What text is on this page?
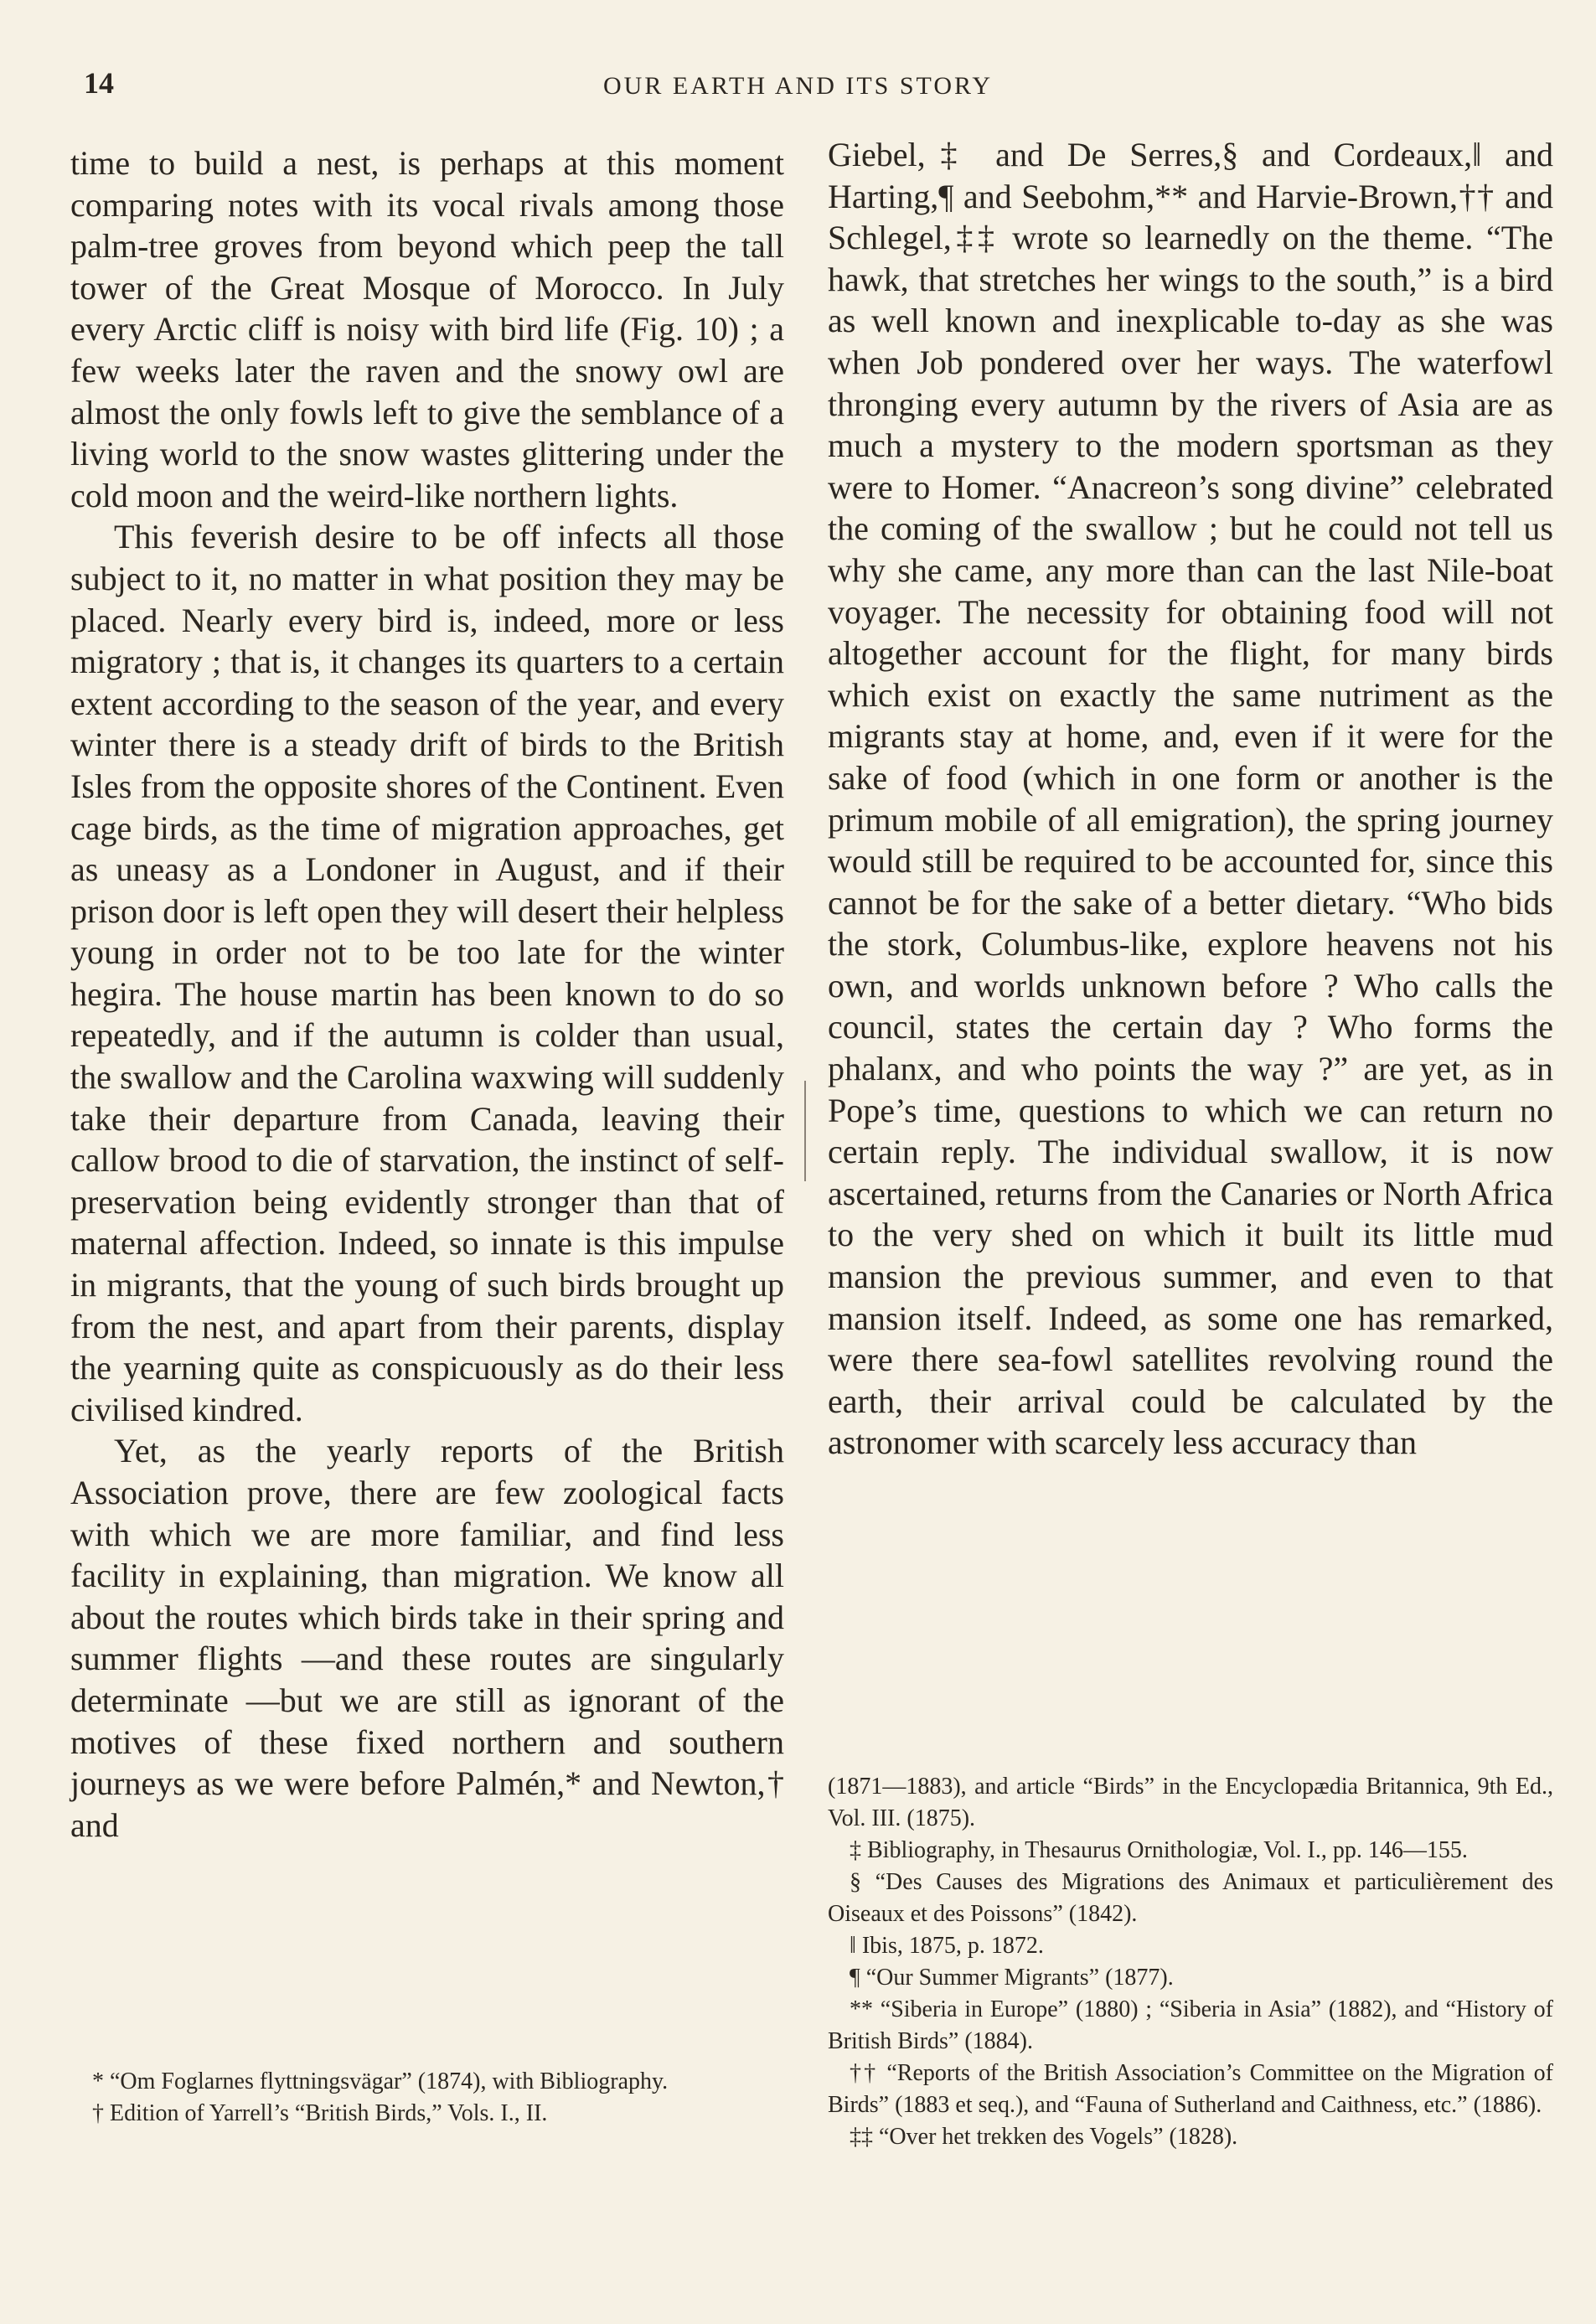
14	OUR EARTH AND ITS STORY

time to build a nest, is perhaps at this moment comparing notes with its vocal rivals among those palm-tree groves from beyond which peep the tall tower of the Great Mosque of Morocco. In July every Arctic cliff is noisy with bird life (Fig. 10) ; a few weeks later the raven and the snowy owl are almost the only fowls left to give the semblance of a living world to the snow wastes glittering under the cold moon and the weird-like northern lights.

This feverish desire to be off infects all those subject to it, no matter in what position they may be placed. Nearly every bird is, indeed, more or less migratory ; that is, it changes its quarters to a certain extent according to the season of the year, and every winter there is a steady drift of birds to the British Isles from the opposite shores of the Continent. Even cage birds, as the time of migration approaches, get as uneasy as a Londoner in August, and if their prison door is left open they will desert their helpless young in order not to be too late for the winter hegira. The house martin has been known to do so repeatedly, and if the autumn is colder than usual, the swallow and the Carolina waxwing will suddenly take their departure from Canada, leaving their callow brood to die of starvation, the instinct of self-preservation being evidently stronger than that of maternal affection. Indeed, so innate is this impulse in migrants, that the young of such birds brought up from the nest, and apart from their parents, display the yearning quite as conspicuously as do their less civilised kindred.

Yet, as the yearly reports of the British Association prove, there are few zoological facts with which we are more familiar, and find less facility in explaining, than migration. We know all about the routes which birds take in their spring and summer flights —and these routes are singularly determinate —but we are still as ignorant of the motives of these fixed northern and southern journeys as we were before Palmén,* and Newton,† and

* “Om Foglarnes flyttningsvägar” (1874), with Bibliography.

† Edition of Yarrell’s “British Birds,” Vols. I., II.

Giebel,‡ and De Serres,§ and Cordeaux,‖ and Harting,¶ and Seebohm,** and Harvie-Brown,†† and Schlegel,‡‡ wrote so learnedly on the theme. “The hawk, that stretches her wings to the south,” is a bird as well known and inexplicable to-day as she was when Job pondered over her ways. The waterfowl thronging every autumn by the rivers of Asia are as much a mystery to the modern sportsman as they were to Homer. “Anacreon’s song divine” celebrated the coming of the swallow ; but he could not tell us why she came, any more than can the last Nile-boat voyager. The necessity for obtaining food will not altogether account for the flight, for many birds which exist on exactly the same nutriment as the migrants stay at home, and, even if it were for the sake of food (which in one form or another is the primum mobile of all emigration), the spring journey would still be required to be accounted for, since this cannot be for the sake of a better dietary. “Who bids the stork, Columbus-like, explore heavens not his own, and worlds unknown before ? Who calls the council, states the certain day ? Who forms the phalanx, and who points the way ?” are yet, as in Pope’s time, questions to which we can return no certain reply. The individual swallow, it is now ascertained, returns from the Canaries or North Africa to the very shed on which it built its little mud mansion the previous summer, and even to that mansion itself. Indeed, as some one has remarked, were there sea-fowl satellites revolving round the earth, their arrival could be calculated by the astronomer with scarcely less accuracy than

(1871—1883), and article “Birds” in the Encyclopædia Britannica, 9th Ed., Vol. III. (1875).

‡ Bibliography, in Thesaurus Ornithologiæ, Vol. I., pp. 146—155.

§ “Des Causes des Migrations des Animaux et particulièrement des Oiseaux et des Poissons” (1842).

‖ Ibis, 1875, p. 1872.

¶ “Our Summer Migrants” (1877).

** “Siberia in Europe” (1880) ; “Siberia in Asia” (1882), and “History of British Birds” (1884).

†† “Reports of the British Association’s Committee on the Migration of Birds” (1883 et seq.), and “Fauna of Sutherland and Caithness, etc.” (1886).

‡‡ “Over het trekken des Vogels” (1828).
